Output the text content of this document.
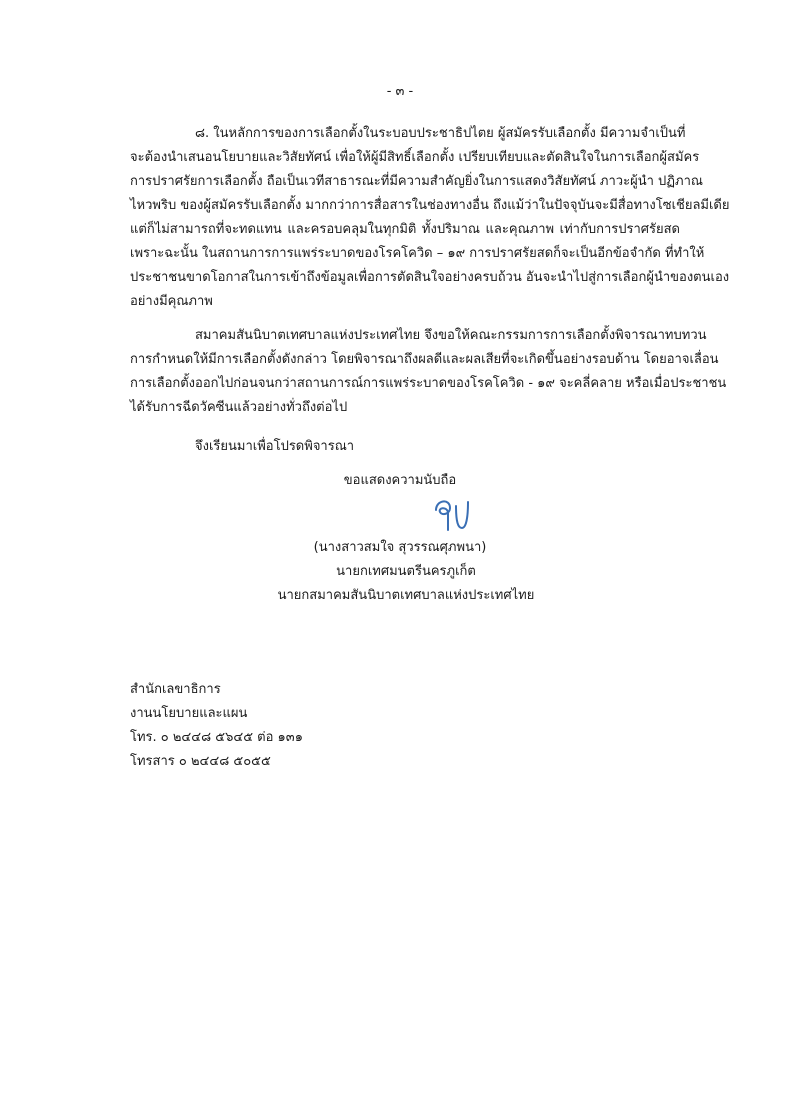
- ๓ -
๘. ในหลักการของการเลือกตั้งในระบอบประชาธิปไตย ผู้สมัครรับเลือกตั้ง มีความจำเป็นที่
จะต้องนำเสนอนโยบายและวิสัยทัศน์ เพื่อให้ผู้มีสิทธิ์เลือกตั้ง เปรียบเทียบและตัดสินใจในการเลือกผู้สมัคร
การปราศรัยการเลือกตั้ง ถือเป็นเวทีสาธารณะที่มีความสำคัญยิ่งในการแสดงวิสัยทัศน์ ภาวะผู้นำ ปฏิภาณ
ไหวพริบ ของผู้สมัครรับเลือกตั้ง มากกว่าการสื่อสารในช่องทางอื่น ถึงแม้ว่าในปัจจุบันจะมีสื่อทางโซเชียลมีเดีย
แต่ก็ไม่สามารถที่จะทดแทน และครอบคลุมในทุกมิติ ทั้งปริมาณ และคุณภาพ เท่ากับการปราศรัยสด
เพราะฉะนั้น ในสถานการการแพร่ระบาดของโรคโควิด – ๑๙ การปราศรัยสดก็จะเป็นอีกข้อจำกัด ที่ทำให้
ประชาชนขาดโอกาสในการเข้าถึงข้อมูลเพื่อการตัดสินใจอย่างครบถ้วน อันจะนำไปสู่การเลือกผู้นำของตนเอง
อย่างมีคุณภาพ
สมาคมสันนิบาตเทศบาลแห่งประเทศไทย จึงขอให้คณะกรรมการการเลือกตั้งพิจารณาทบทวน
การกำหนดให้มีการเลือกตั้งดังกล่าว โดยพิจารณาถึงผลดีและผลเสียที่จะเกิดขึ้นอย่างรอบด้าน โดยอาจเลื่อน
การเลือกตั้งออกไปก่อนจนกว่าสถานการณ์การแพร่ระบาดของโรคโควิด - ๑๙ จะคลี่คลาย หรือเมื่อประชาชน
ได้รับการฉีดวัคซีนแล้วอย่างทั่วถึงต่อไป
จึงเรียนมาเพื่อโปรดพิจารณา
ขอแสดงความนับถือ
(นางสาวสมใจ สุวรรณศุภพนา)
นายกเทศมนตรีนครภูเก็ต
นายกสมาคมสันนิบาตเทศบาลแห่งประเทศไทย
สำนักเลขาธิการ
งานนโยบายและแผน
โทร. ๐ ๒๔๔๘ ๕๖๔๕ ต่อ ๑๓๑
โทรสาร ๐ ๒๔๔๘ ๕๐๕๕
